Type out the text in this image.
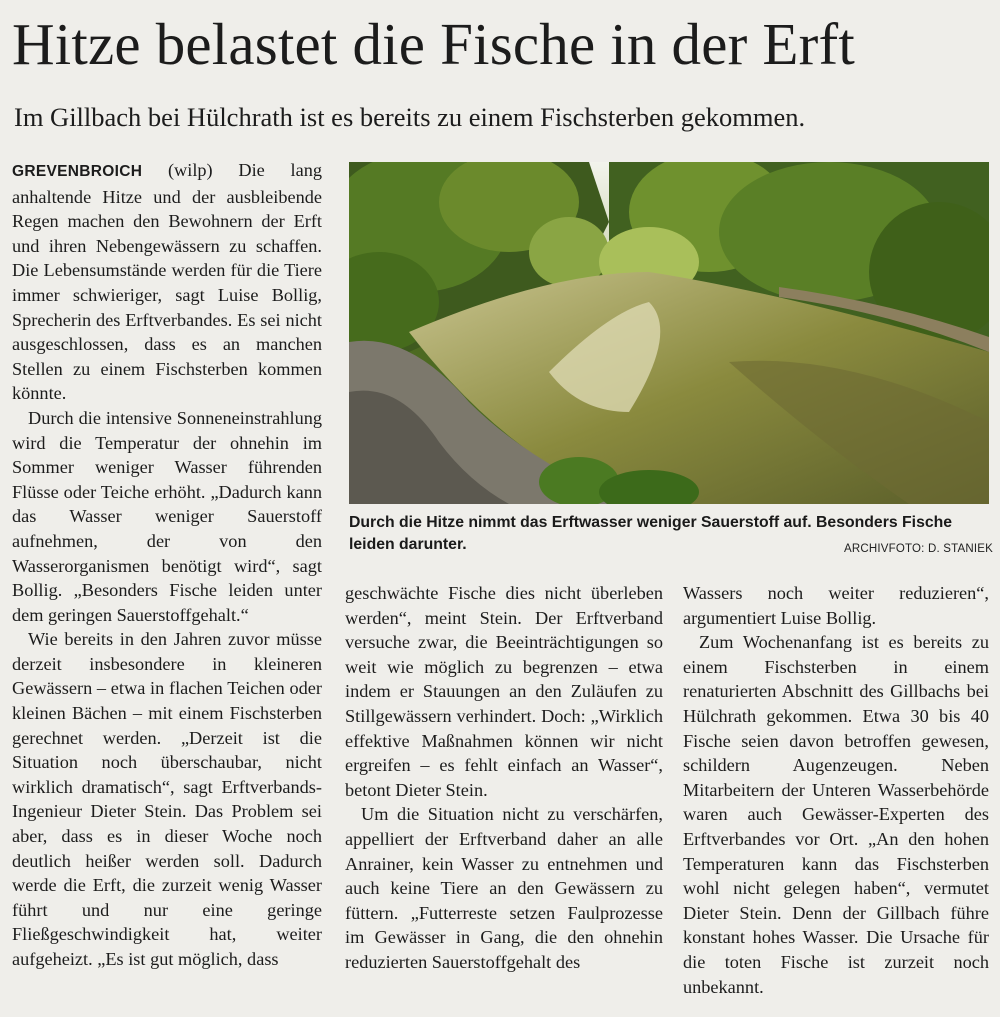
Hitze belastet die Fische in der Erft
Im Gillbach bei Hülchrath ist es bereits zu einem Fischsterben gekommen.

GREVENBROICH (wilp) Die lang anhaltende Hitze und der ausbleibende Regen machen den Bewohnern der Erft und ihren Nebengewässern zu schaffen. Die Lebensumstände werden für die Tiere immer schwieriger, sagt Luise Bollig, Sprecherin des Erftverbandes. Es sei nicht ausgeschlossen, dass es an manchen Stellen zu einem Fischsterben kommen könnte.

Durch die intensive Sonneneinstrahlung wird die Temperatur der ohnehin im Sommer weniger Wasser führenden Flüsse oder Teiche erhöht. „Dadurch kann das Wasser weniger Sauerstoff aufnehmen, der von den Wasserorganismen benötigt wird“, sagt Bollig. „Besonders Fische leiden unter dem geringen Sauerstoffgehalt.“

Wie bereits in den Jahren zuvor müsse derzeit insbesondere in kleineren Gewässern – etwa in flachen Teichen oder kleinen Bächen – mit einem Fischsterben gerechnet werden. „Derzeit ist die Situation noch überschaubar, nicht wirklich dramatisch“, sagt Erftverbands-Ingenieur Dieter Stein. Das Problem sei aber, dass es in dieser Woche noch deutlich heißer werden soll. Dadurch werde die Erft, die zurzeit wenig Wasser führt und nur eine geringe Fließgeschwindigkeit hat, weiter aufgeheizt. „Es ist gut möglich, dass

Durch die Hitze nimmt das Erftwasser weniger Sauerstoff auf. Besonders Fische leiden darunter.	ARCHIVFOTO: D. STANIEK

geschwächte Fische dies nicht überleben werden“, meint Stein. Der Erftverband versuche zwar, die Beeinträchtigungen so weit wie möglich zu begrenzen – etwa indem er Stauungen an den Zuläufen zu Stillgewässern verhindert. Doch: „Wirklich effektive Maßnahmen können wir nicht ergreifen – es fehlt einfach an Wasser“, betont Dieter Stein.

Um die Situation nicht zu verschärfen, appelliert der Erftverband daher an alle Anrainer, kein Wasser zu entnehmen und auch keine Tiere an den Gewässern zu füttern. „Futterreste setzen Faulprozesse im Gewässer in Gang, die den ohnehin reduzierten Sauerstoffgehalt des

Wassers noch weiter reduzieren“, argumentiert Luise Bollig.

Zum Wochenanfang ist es bereits zu einem Fischsterben in einem renaturierten Abschnitt des Gillbachs bei Hülchrath gekommen. Etwa 30 bis 40 Fische seien davon betroffen gewesen, schildern Augenzeugen. Neben Mitarbeitern der Unteren Wasserbehörde waren auch Gewässer-Experten des Erftverbandes vor Ort. „An den hohen Temperaturen kann das Fischsterben wohl nicht gelegen haben“, vermutet Dieter Stein. Denn der Gillbach führe konstant hohes Wasser. Die Ursache für die toten Fische ist zurzeit noch unbekannt.
